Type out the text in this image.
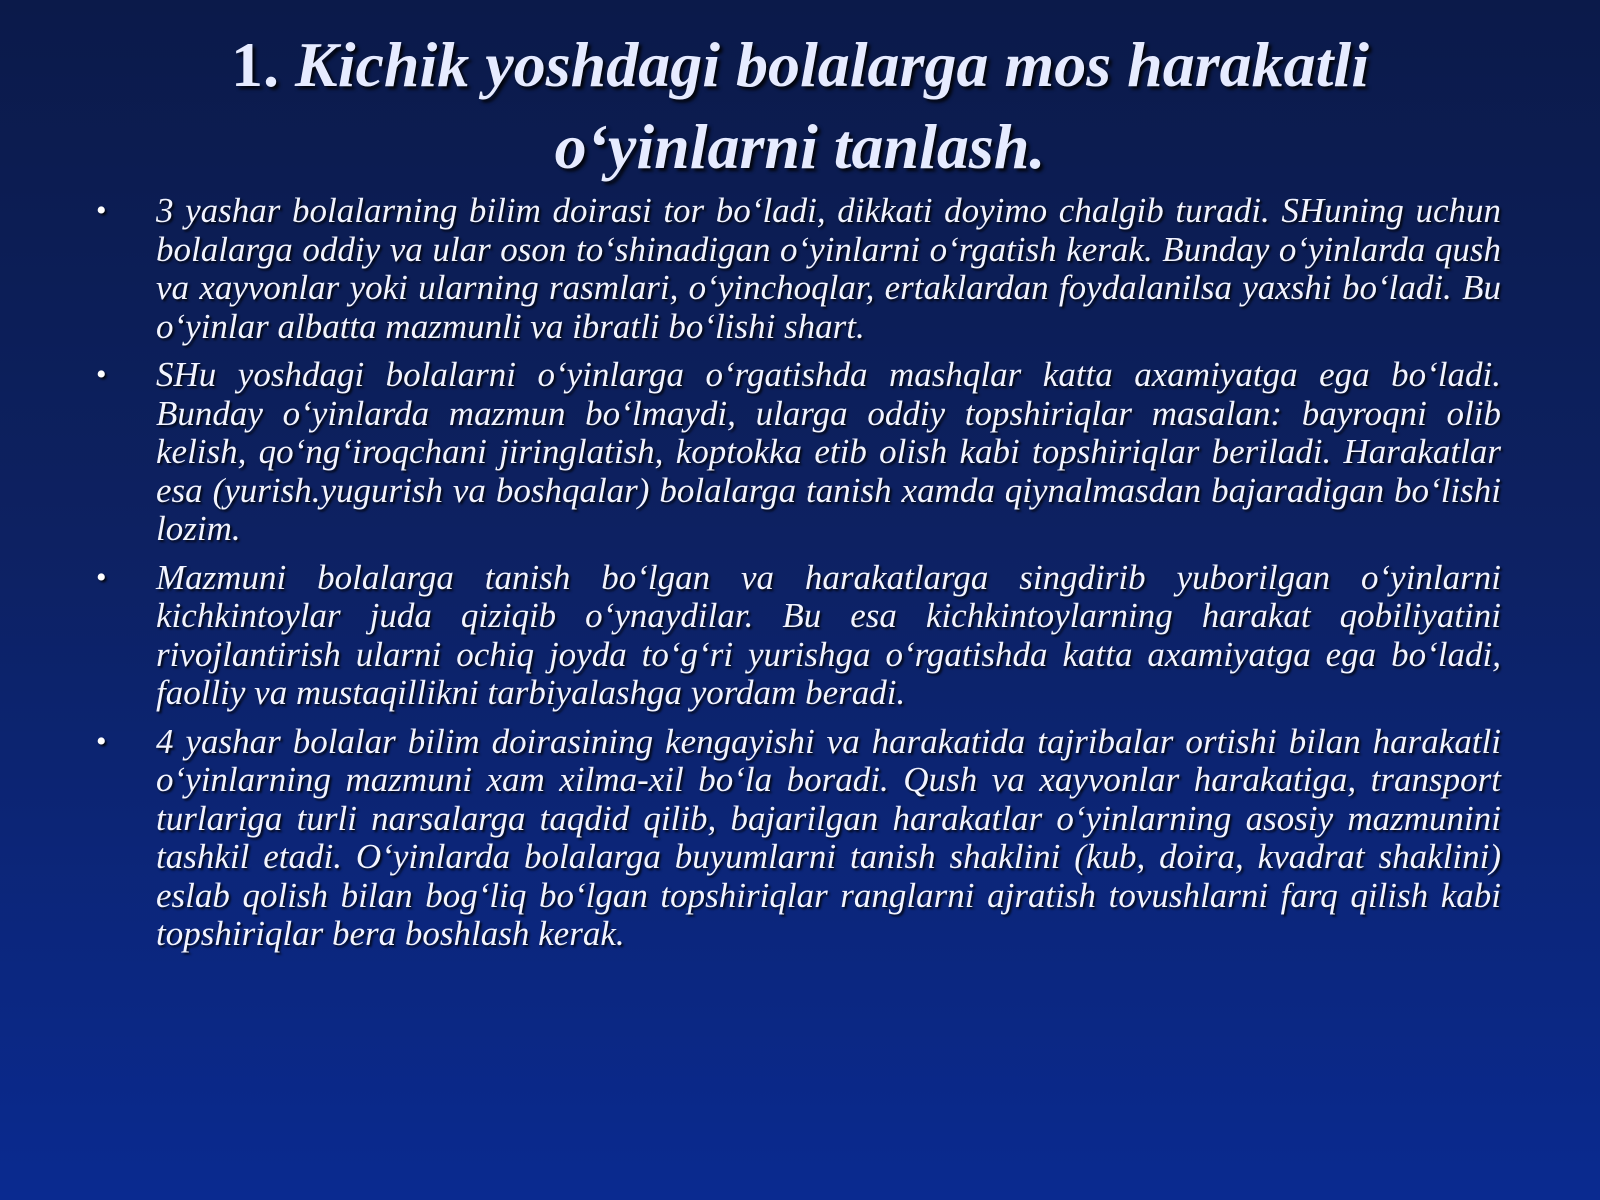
1. Kichik yoshdagi bolalarga mos harakatli o‘yinlarni tanlash.
• 3 yashar bolalarning bilim doirasi tor bo‘ladi, dikkati doyimo chalgib turadi. SHuning uchun bolalarga oddiy va ular oson to‘shinadigan o‘yinlarni o‘rgatish kerak. Bunday o‘yinlarda qush va xayvonlar yoki ularning rasmlari, o‘yinchoqlar, ertaklardan foydalanilsa yaxshi bo‘ladi. Bu o‘yinlar albatta mazmunli va ibratli bo‘lishi shart.
• SHu yoshdagi bolalarni o‘yinlarga o‘rgatishda mashqlar katta axamiyatga ega bo‘ladi. Bunday o‘yinlarda mazmun bo‘lmaydi, ularga oddiy topshiriqlar masalan: bayroqni olib kelish, qo‘ng‘iroqchani jiringlatish, koptokka etib olish kabi topshiriqlar beriladi. Harakatlar esa (yurish.yugurish va boshqalar) bolalarga tanish xamda qiynalmasdan bajaradigan bo‘lishi lozim.
• Mazmuni bolalarga tanish bo‘lgan va harakatlarga singdirib yuborilgan o‘yinlarni kichkintoylar juda qiziqib o‘ynaydilar. Bu esa kichkintoylarning harakat qobiliyatini rivojlantirish ularni ochiq joyda to‘g‘ri yurishga o‘rgatishda katta axamiyatga ega bo‘ladi, faolliy va mustaqillikni tarbiyalashga yordam beradi.
• 4 yashar bolalar bilim doirasining kengayishi va harakatida tajribalar ortishi bilan harakatli o‘yinlarning mazmuni xam xilma-xil bo‘la boradi. Qush va xayvonlar harakatiga, transport turlariga turli narsalarga taqdid qilib, bajarilgan harakatlar o‘yinlarning asosiy mazmunini tashkil etadi. O‘yinlarda bolalarga buyumlarni tanish shaklini (kub, doira, kvadrat shaklini) eslab qolish bilan bog‘liq bo‘lgan topshiriqlar ranglarni ajratish tovushlarni farq qilish kabi topshiriqlar bera boshlash kerak.
